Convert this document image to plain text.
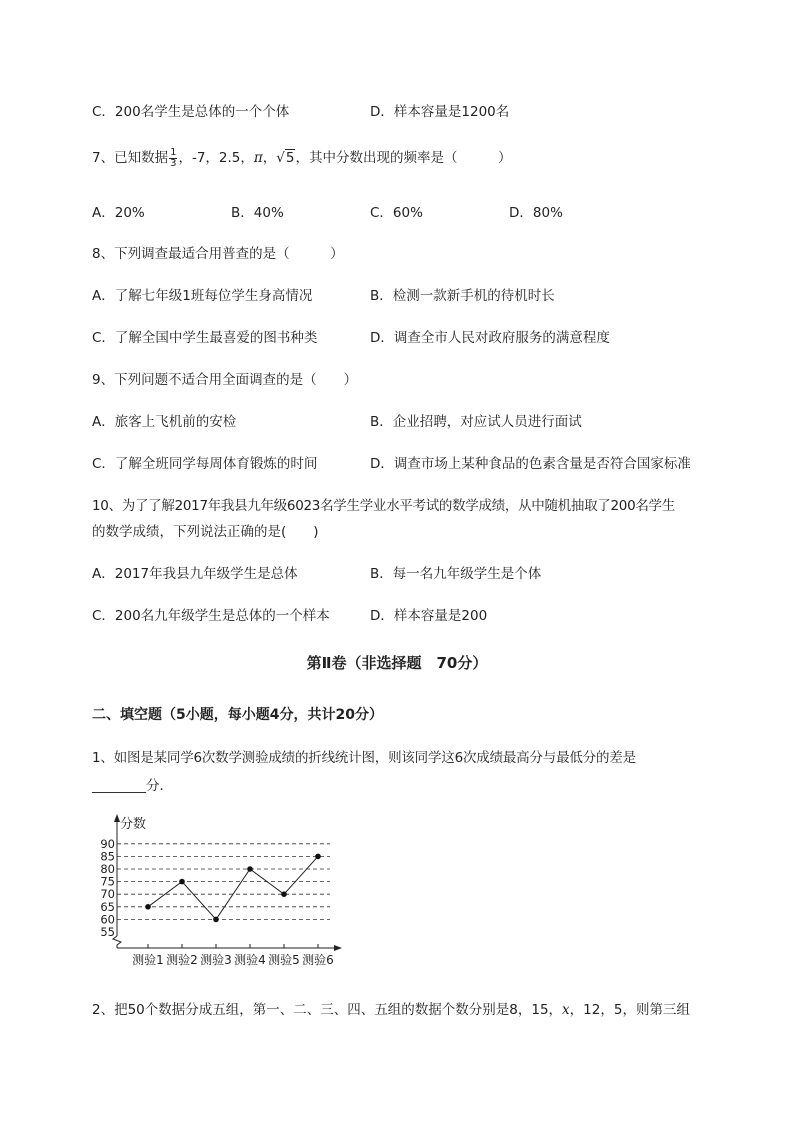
C．200名学生是总体的一个个体	D．样本容量是1200名
7、已知数据 $\frac{1}{3}$ ，-7，2.5，π，√5，其中分数出现的频率是（　　　）
A．20%	B．40%	C．60%	D．80%
8、下列调查最适合用普查的是（　　　）
A．了解七年级1班每位学生身高情况	B．检测一款新手机的待机时长
C．了解全国中学生最喜爱的图书种类	D．调查全市人民对政府服务的满意程度
9、下列问题不适合用全面调查的是（　　）
A．旅客上飞机前的安检	B．企业招聘，对应试人员进行面试
C．了解全班同学每周体育锻炼的时间	D．调查市场上某种食品的色素含量是否符合国家标准
10、为了了解2017年我县九年级6023名学生学业水平考试的数学成绩，从中随机抽取了200名学生
的数学成绩，下列说法正确的是(　　)
A．2017年我县九年级学生是总体	B．每一名九年级学生是个体
C．200名九年级学生是总体的一个样本	D．样本容量是200
第Ⅱ卷（非选择题　70分）
二、填空题（5小题，每小题4分，共计20分）
1、如图是某同学6次数学测验成绩的折线统计图，则该同学这6次成绩最高分与最低分的差是
________分．
分数
55
60
65
70
75
80
85
90
测验1 测验2 测验3 测验4 测验5 测验6
2、把50个数据分成五组，第一、二、三、四、五组的数据个数分别是8，15，x，12，5，则第三组
